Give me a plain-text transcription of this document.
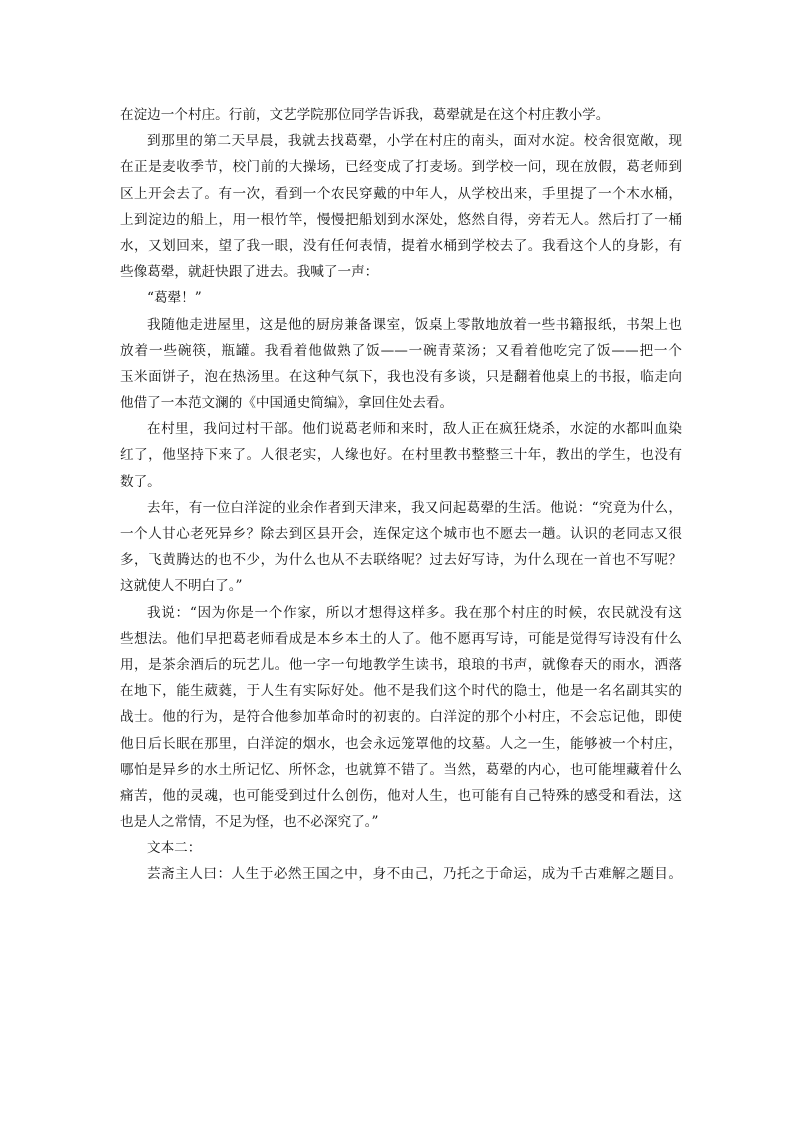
在淀边一个村庄。行前，文艺学院那位同学告诉我，葛翚就是在这个村庄教小学。
到那里的第二天早晨，我就去找葛翚，小学在村庄的南头，面对水淀。校舍很宽敞，现
在正是麦收季节，校门前的大操场，已经变成了打麦场。到学校一问，现在放假，葛老师到
区上开会去了。有一次，看到一个农民穿戴的中年人，从学校出来，手里提了一个木水桶，
上到淀边的船上，用一根竹竿，慢慢把船划到水深处，悠然自得，旁若无人。然后打了一桶
水，又划回来，望了我一眼，没有任何表情，提着水桶到学校去了。我看这个人的身影，有
些像葛翚，就赶快跟了进去。我喊了一声：
“葛翚！”
我随他走进屋里，这是他的厨房兼备课室，饭桌上零散地放着一些书籍报纸，书架上也
放着一些碗筷，瓶罐。我看着他做熟了饭——一碗青菜汤；又看着他吃完了饭——把一个
玉米面饼子，泡在热汤里。在这种气氛下，我也没有多谈，只是翻着他桌上的书报，临走向
他借了一本范文澜的《中国通史简编》，拿回住处去看。
在村里，我问过村干部。他们说葛老师和来时，敌人正在疯狂烧杀，水淀的水都叫血染
红了，他坚持下来了。人很老实，人缘也好。在村里教书整整三十年，教出的学生，也没有
数了。
去年，有一位白洋淀的业余作者到天津来，我又问起葛翚的生活。他说：“究竟为什么，
一个人甘心老死异乡？除去到区县开会，连保定这个城市也不愿去一趟。认识的老同志又很
多，飞黄腾达的也不少，为什么也从不去联络呢？过去好写诗，为什么现在一首也不写呢？
这就使人不明白了。”
我说：“因为你是一个作家，所以才想得这样多。我在那个村庄的时候，农民就没有这
些想法。他们早把葛老师看成是本乡本土的人了。他不愿再写诗，可能是觉得写诗没有什么
用，是茶余酒后的玩艺儿。他一字一句地教学生读书，琅琅的书声，就像春天的雨水，洒落
在地下，能生葳蕤，于人生有实际好处。他不是我们这个时代的隐士，他是一名名副其实的
战士。他的行为，是符合他参加革命时的初衷的。白洋淀的那个小村庄，不会忘记他，即使
他日后长眠在那里，白洋淀的烟水，也会永远笼罩他的坟墓。人之一生，能够被一个村庄，
哪怕是异乡的水土所记忆、所怀念，也就算不错了。当然，葛翚的内心，也可能埋藏着什么
痛苦，他的灵魂，也可能受到过什么创伤，他对人生，也可能有自己特殊的感受和看法，这
也是人之常情，不足为怪，也不必深究了。”
文本二：
芸斋主人曰：人生于必然王国之中，身不由己，乃托之于命运，成为千古难解之题目。
